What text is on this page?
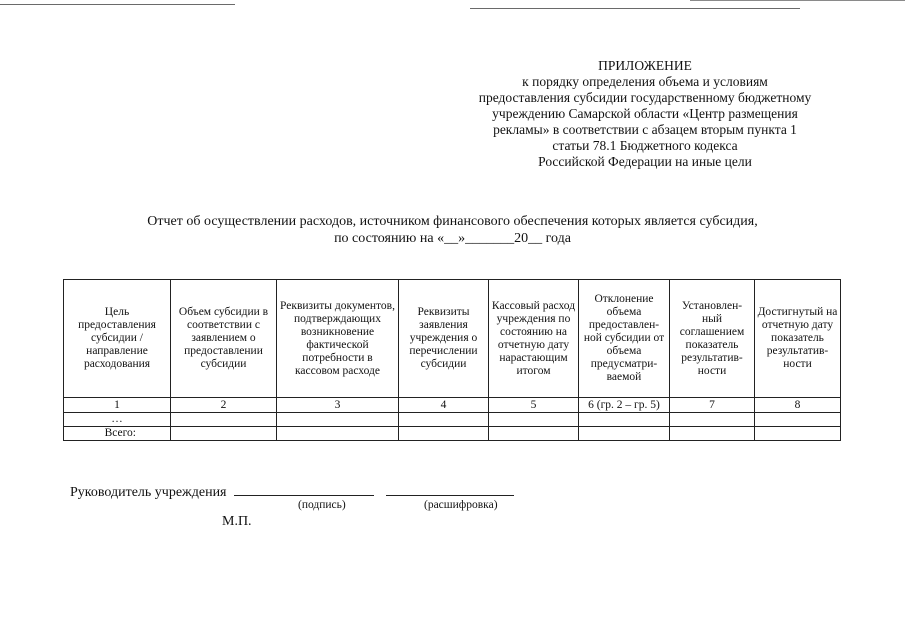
ПРИЛОЖЕНИЕ
к порядку определения объема и условиям
предоставления субсидии государственному бюджетному
учреждению Самарской области «Центр размещения
рекламы» в соответствии с абзацем вторым пункта 1
статьи 78.1 Бюджетного кодекса
Российской Федерации на иные цели
Отчет об осуществлении расходов, источником финансового обеспечения которых является субсидия,
по состоянию на «__»_______20__ года
Цель предоставления субсидии / направление расходования	Объем субсидии в соответствии с заявлением о предоставлении субсидии	Реквизиты документов, подтверждающих возникновение фактической потребности в кассовом расходе	Реквизиты заявления учреждения о перечислении субсидии	Кассовый расход учреждения по состоянию на отчетную дату нарастающим итогом	Отклонение объема предоставлен-ной субсидии от объема предусматри-ваемой	Установлен-ный соглашением показатель результатив-ности	Достигнутый на отчетную дату показатель результатив-ности
1	2	3	4	5	6 (гр. 2 – гр. 5)	7	8
…							
Всего:							
Руководитель учреждения
(подпись)	(расшифровка)
М.П.
